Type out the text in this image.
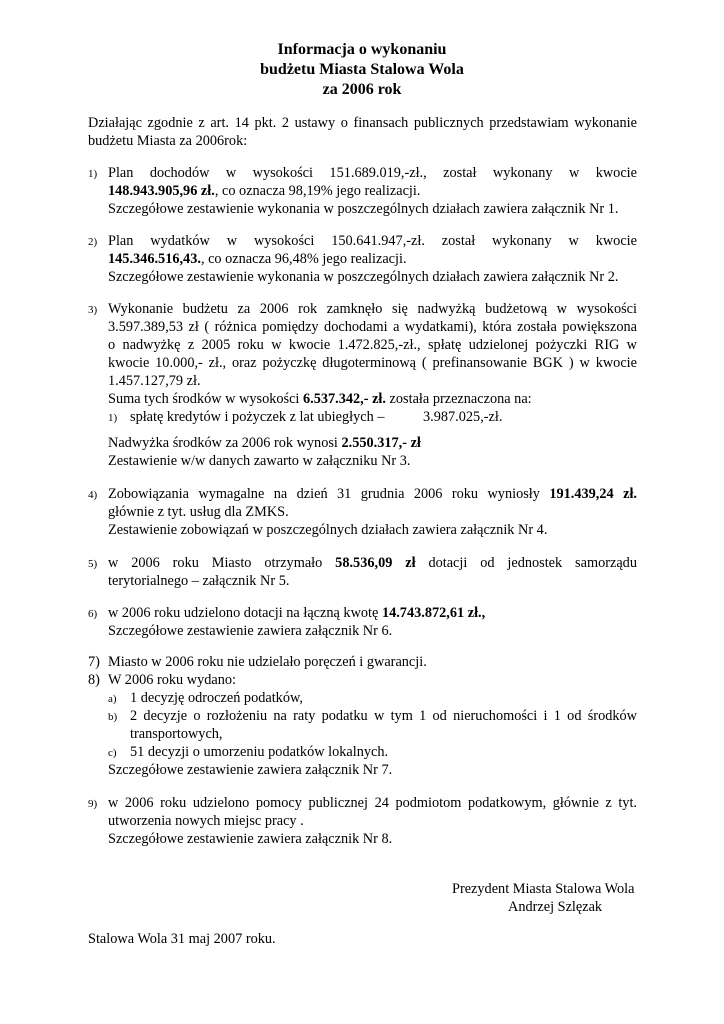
Informacja o wykonaniu
budżetu Miasta Stalowa Wola
za 2006 rok
Działając zgodnie z art. 14 pkt. 2 ustawy o finansach publicznych przedstawiam wykonanie
budżetu Miasta za 2006rok:
1) Plan dochodów w wysokości 151.689.019,-zł., został wykonany w kwocie
148.943.905,96 zł., co oznacza 98,19% jego realizacji.
Szczegółowe zestawienie wykonania w poszczególnych działach zawiera załącznik Nr 1.
2) Plan wydatków w wysokości 150.641.947,-zł. został wykonany w kwocie
145.346.516,43., co oznacza 96,48% jego realizacji.
Szczegółowe zestawienie wykonania w poszczególnych działach zawiera załącznik Nr 2.
3) Wykonanie budżetu za 2006 rok zamknęło się nadwyżką budżetową w wysokości
3.597.389,53 zł ( różnica pomiędzy dochodami a wydatkami), która została powiększona
o nadwyżkę z 2005 roku w kwocie 1.472.825,-zł., spłatę udzielonej pożyczki RIG w
kwocie 10.000,- zł., oraz pożyczkę długoterminową ( prefinansowanie BGK ) w kwocie
1.457.127,79 zł.
Suma tych środków w wysokości 6.537.342,- zł. została przeznaczona na:
1) spłatę kredytów i pożyczek z lat ubiegłych –	3.987.025,-zł.
Nadwyżka środków za 2006 rok wynosi 2.550.317,- zł
Zestawienie w/w danych zawarto w załączniku Nr 3.
4) Zobowiązania wymagalne na dzień 31 grudnia 2006 roku wyniosły 191.439,24 zł.
głównie z tyt. usług dla ZMKS.
Zestawienie zobowiązań w poszczególnych działach zawiera załącznik Nr 4.
5) w 2006 roku Miasto otrzymało 58.536,09 zł dotacji od jednostek samorządu
terytorialnego – załącznik Nr 5.
6) w 2006 roku udzielono dotacji na łączną kwotę 14.743.872,61 zł.,
Szczegółowe zestawienie zawiera załącznik Nr 6.
7) Miasto w 2006 roku nie udzielało poręczeń i gwarancji.
8) W 2006 roku wydano:
a) 1 decyzję odroczeń podatków,
b) 2 decyzje o rozłożeniu na raty podatku w tym 1 od nieruchomości i 1 od środków
transportowych,
c) 51 decyzji o umorzeniu podatków lokalnych.
Szczegółowe zestawienie zawiera załącznik Nr 7.
9) w 2006 roku udzielono pomocy publicznej 24 podmiotom podatkowym, głównie z tyt.
utworzenia nowych miejsc pracy .
Szczegółowe zestawienie zawiera załącznik Nr 8.
Prezydent Miasta Stalowa Wola
Andrzej Szlęzak
Stalowa Wola 31 maj 2007 roku.
